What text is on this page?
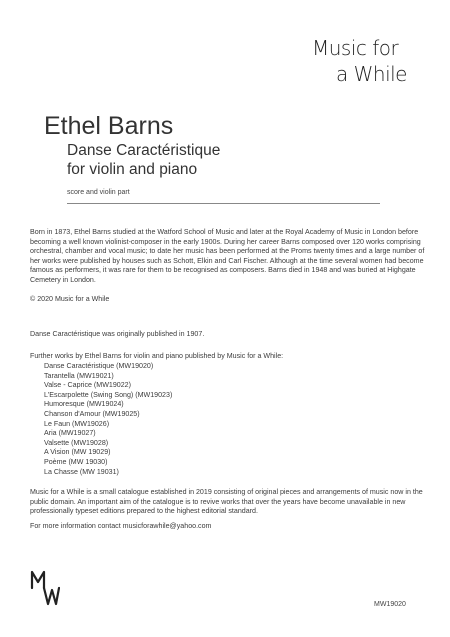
Music for
a While
Ethel Barns
Danse Caractéristique
for violin and piano
score and violin part
Born in 1873, Ethel Barns studied at the Watford School of Music and later at the Royal Academy of Music in London before becoming a well known violinist-composer in the early 1900s. During her career Barns composed over 120 works comprising orchestral, chamber and vocal music; to date her music has been performed at the Proms twenty times and a large number of her works were published by houses such as Schott, Elkin and Carl Fischer. Although at the time several women had become famous as performers, it was rare for them to be recognised as composers. Barns died in 1948 and was buried at Highgate Cemetery in London.
© 2020 Music for a While
Danse Caractéristique was originally published in 1907.
Further works by Ethel Barns for violin and piano published by Music for a While:
Danse Caractéristique (MW19020)
Tarantella (MW19021)
Valse - Caprice (MW19022)
L'Escarpolette (Swing Song) (MW19023)
Humoresque (MW19024)
Chanson d'Amour (MW19025)
Le Faun (MW19026)
Aria (MW19027)
Valsette (MW19028)
A Vision (MW 19029)
Poème (MW 19030)
La Chasse (MW 19031)
Music for a While is a small catalogue established in 2019 consisting of original pieces and arrangements of music now in the public domain. An important aim of the catalogue is to revive works that over the years have become unavailable in new professionally typeset editions prepared to the highest editorial standard.
For more information contact musicforawhile@yahoo.com
MW19020
